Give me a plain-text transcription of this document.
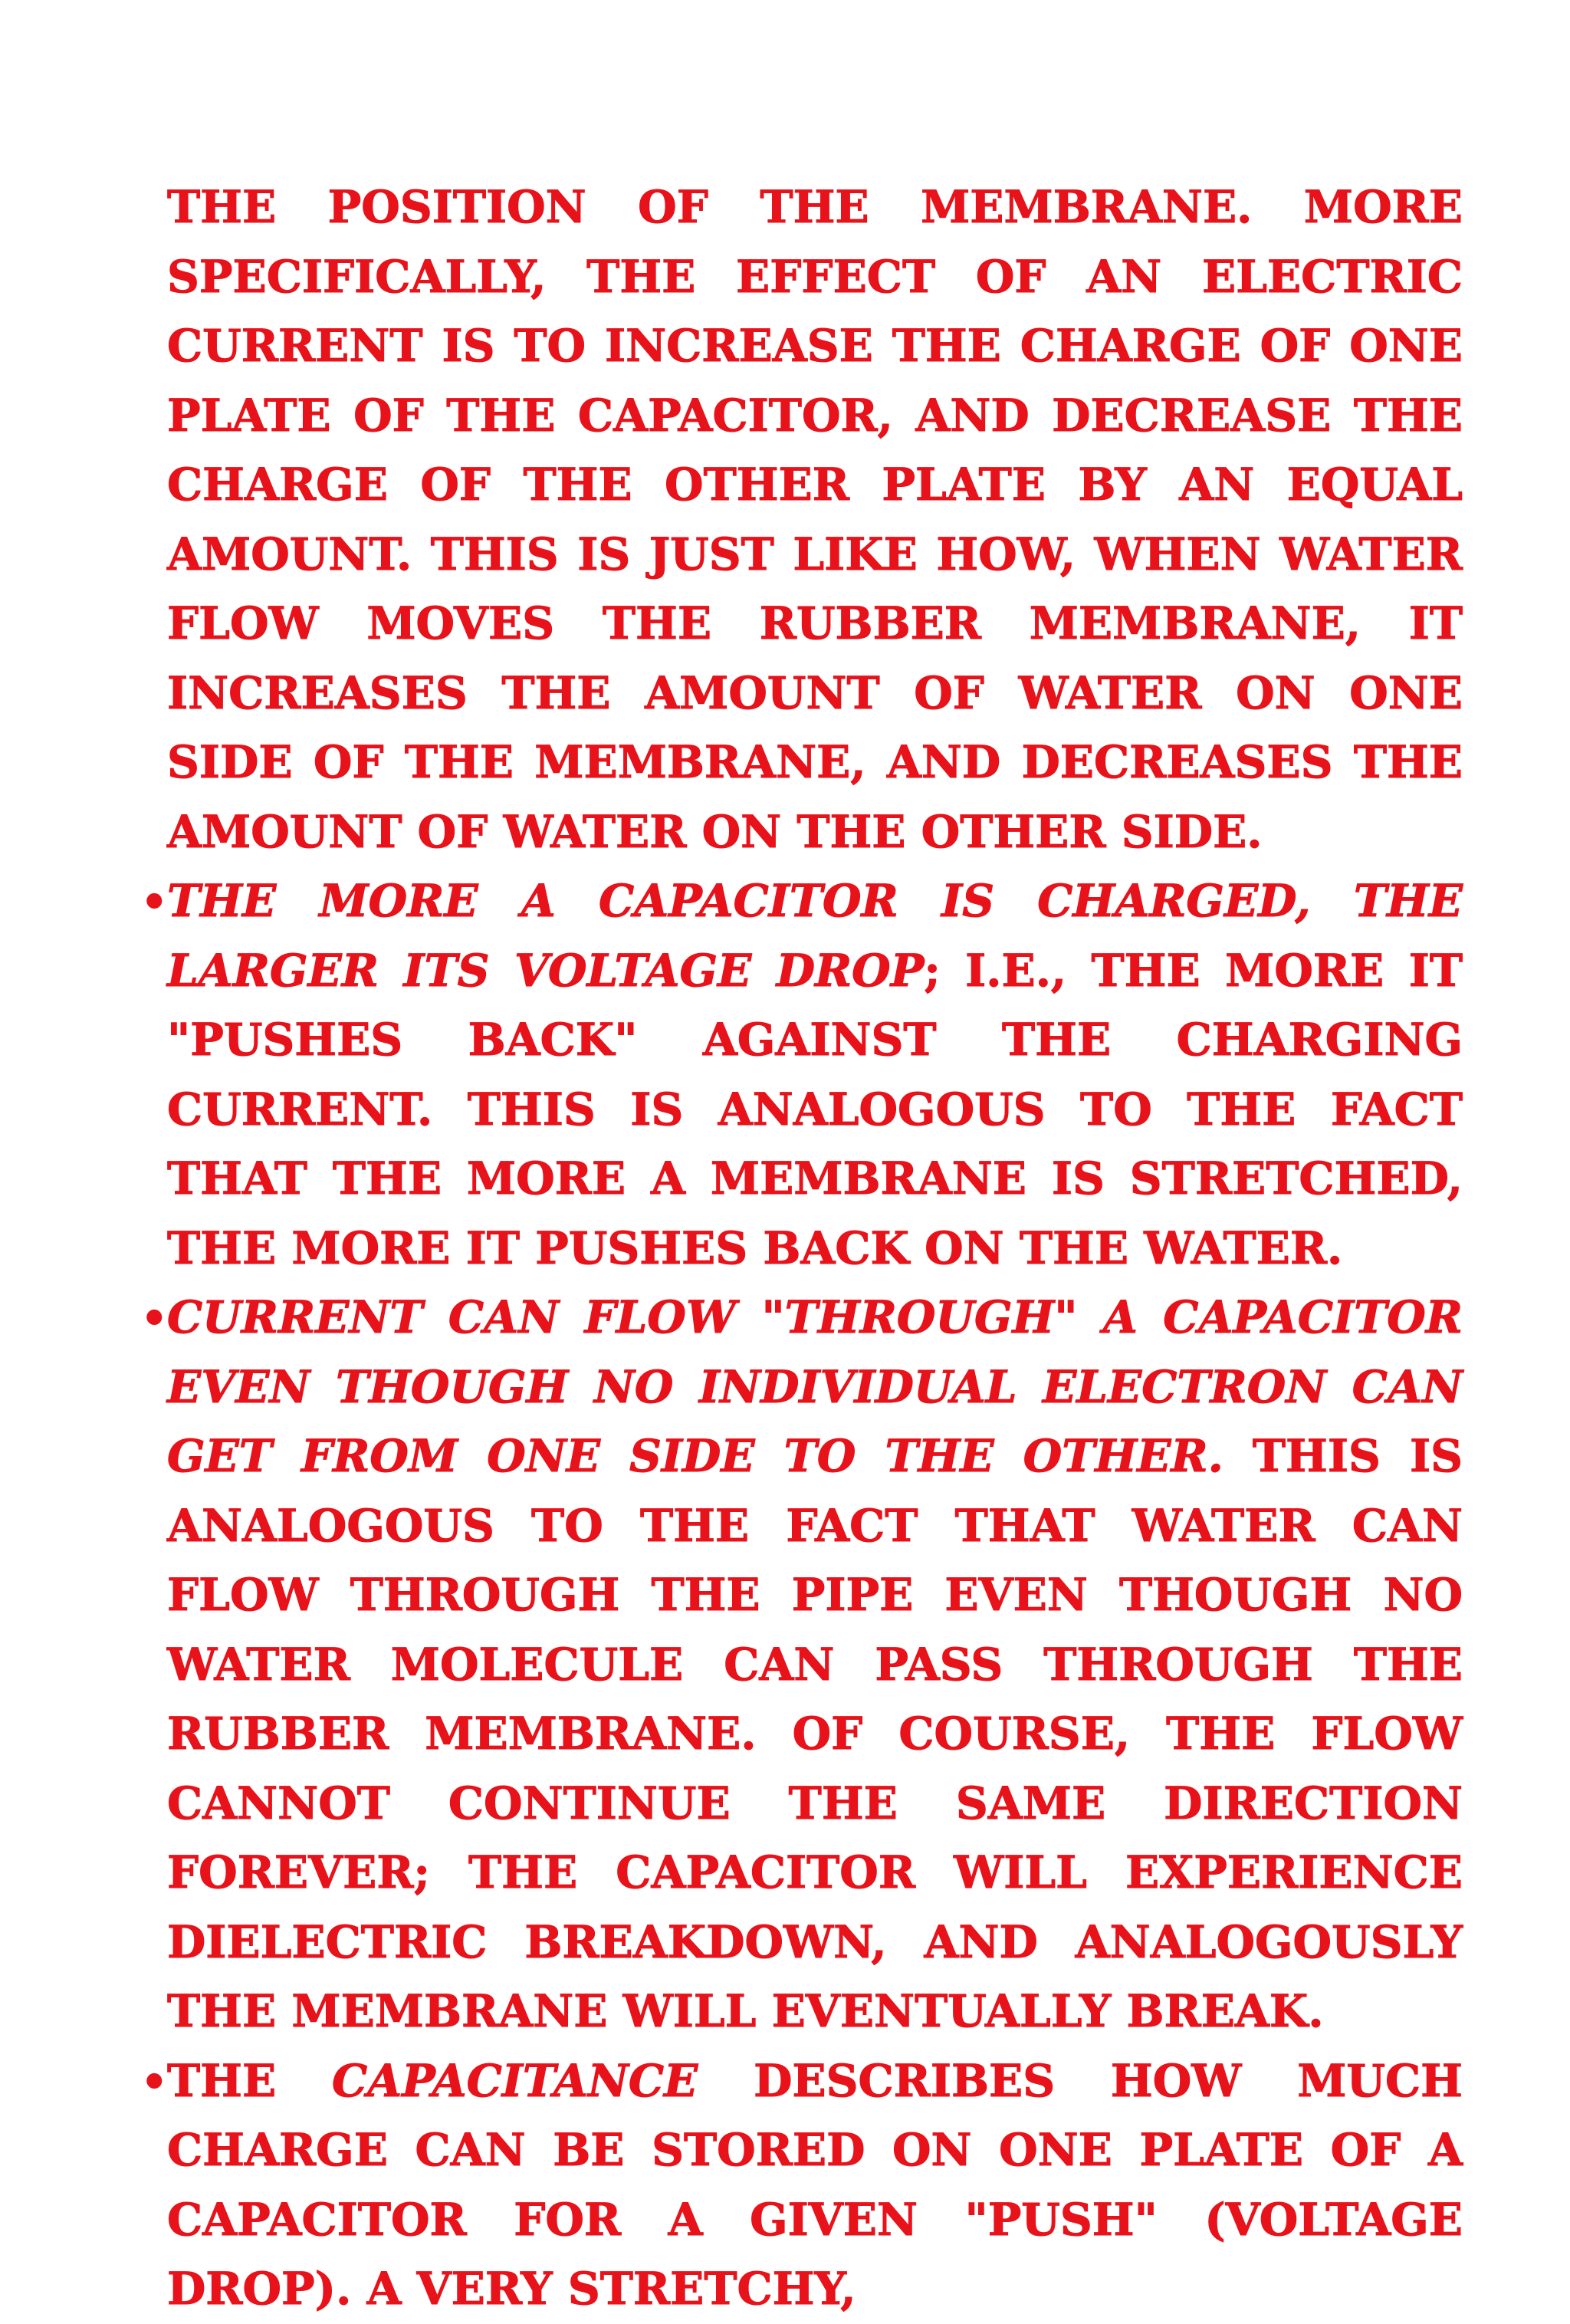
THE POSITION OF THE MEMBRANE. MORE SPECIFICALLY, THE EFFECT OF AN ELECTRIC CURRENT IS TO INCREASE THE CHARGE OF ONE PLATE OF THE CAPACITOR, AND DECREASE THE CHARGE OF THE OTHER PLATE BY AN EQUAL AMOUNT. THIS IS JUST LIKE HOW, WHEN WATER FLOW MOVES THE RUBBER MEMBRANE, IT INCREASES THE AMOUNT OF WATER ON ONE SIDE OF THE MEMBRANE, AND DECREASES THE AMOUNT OF WATER ON THE OTHER SIDE.

•
THE MORE A CAPACITOR IS CHARGED, THE LARGER ITS VOLTAGE DROP; I.E., THE MORE IT "PUSHES BACK" AGAINST THE CHARGING CURRENT. THIS IS ANALOGOUS TO THE FACT THAT THE MORE A MEMBRANE IS STRETCHED, THE MORE IT PUSHES BACK ON THE WATER.
•
CURRENT CAN FLOW "THROUGH" A CAPACITOR EVEN THOUGH NO INDIVIDUAL ELECTRON CAN GET FROM ONE SIDE TO THE OTHER. THIS IS ANALOGOUS TO THE FACT THAT WATER CAN FLOW THROUGH THE PIPE EVEN THOUGH NO WATER MOLECULE CAN PASS THROUGH THE RUBBER MEMBRANE. OF COURSE, THE FLOW CANNOT CONTINUE THE SAME DIRECTION FOREVER; THE CAPACITOR WILL EXPERIENCE DIELECTRIC BREAKDOWN, AND ANALOGOUSLY THE MEMBRANE WILL EVENTUALLY BREAK.
•
THE CAPACITANCE DESCRIBES HOW MUCH CHARGE CAN BE STORED ON ONE PLATE OF A CAPACITOR FOR A GIVEN "PUSH" (VOLTAGE DROP). A VERY STRETCHY,
